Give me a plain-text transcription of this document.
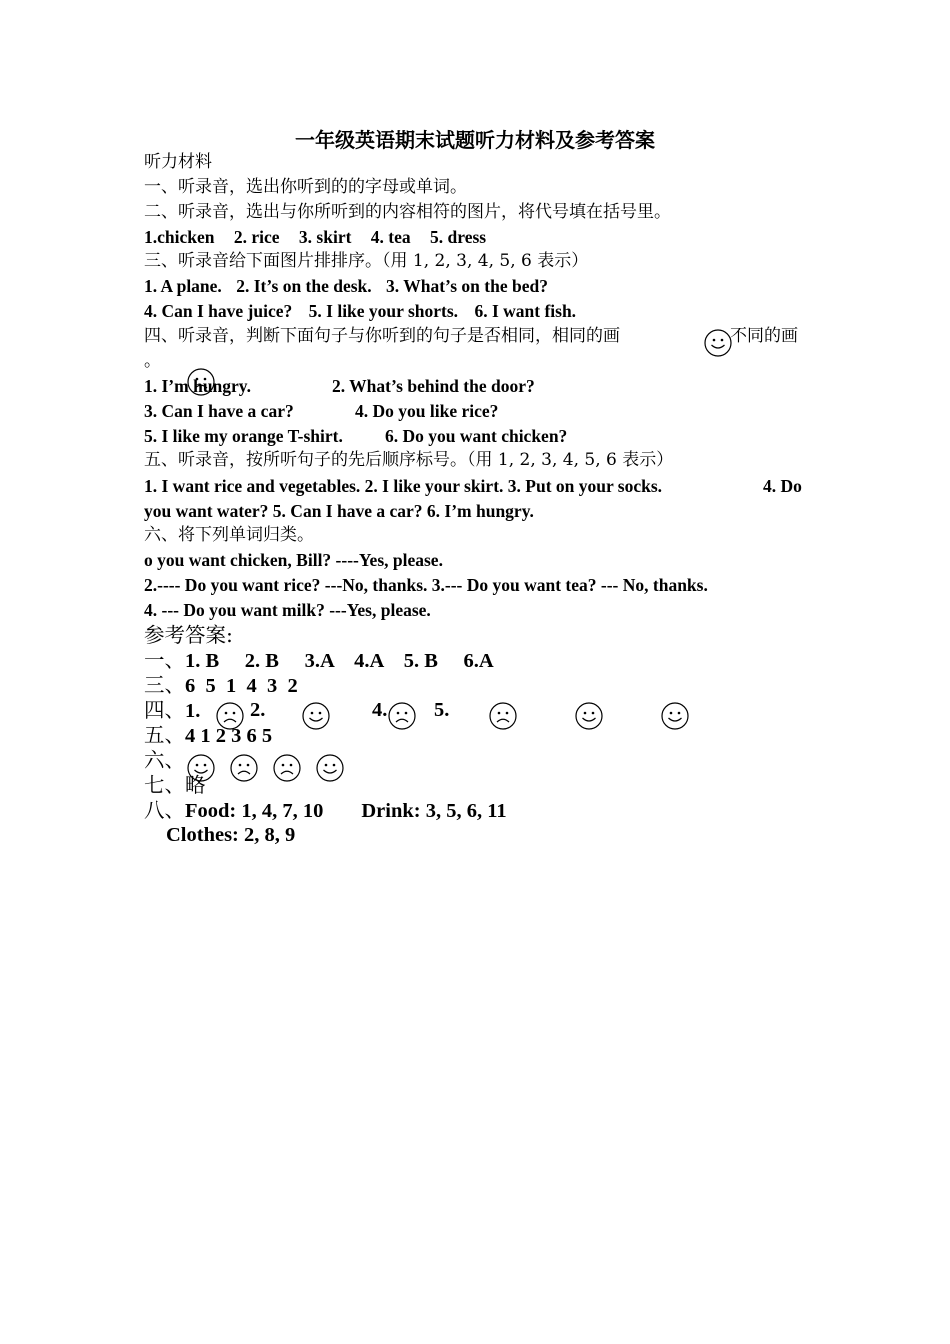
一年级英语期末试题听力材料及参考答案
听力材料
一、听录音，选出你听到的的字母或单词。
二、听录音，选出与你所听到的内容相符的图片，将代号填在括号里。
1.chicken 2. rice 3. skirt 4. tea 5. dress
三、听录音给下面图片排排序。（用 1, 2, 3, 4, 5, 6 表示）
1. A plane. 2. It’s on the desk. 3. What’s on the bed?
4. Can I have juice? 5. I like your shorts. 6. I want fish.
四、听录音，判断下面句子与你听到的句子是否相同，相同的画	不同的画
。
1. I’m hungry.	2. What’s behind the door?
3. Can I have a car?	4. Do you like rice?
5. I like my orange T-shirt. 6. Do you want chicken?
五、听录音，按所听句子的先后顺序标号。（用 1, 2, 3, 4, 5, 6 表示）
1. I want rice and vegetables. 2. I like your skirt. 3. Put on your socks.	4. Do
you want water? 5. Can I have a car? 6. I’m hungry.
六、将下列单词归类。
o you want chicken, Bill? ----Yes, please.
2.---- Do you want rice? ---No, thanks. 3.--- Do you want tea? --- No, thanks.
4. --- Do you want milk? ---Yes, please.
参考答案:
一、1. B     2. B     3.A    4.A    5. B     6.A
三、6  5  1  4  3  2
四、1. 2.	4. 5.
五、4 1 2 3 6 5
六、
七、略
八、Food: 1, 4, 7, 10 Drink: 3, 5, 6, 11
Clothes: 2, 8, 9
